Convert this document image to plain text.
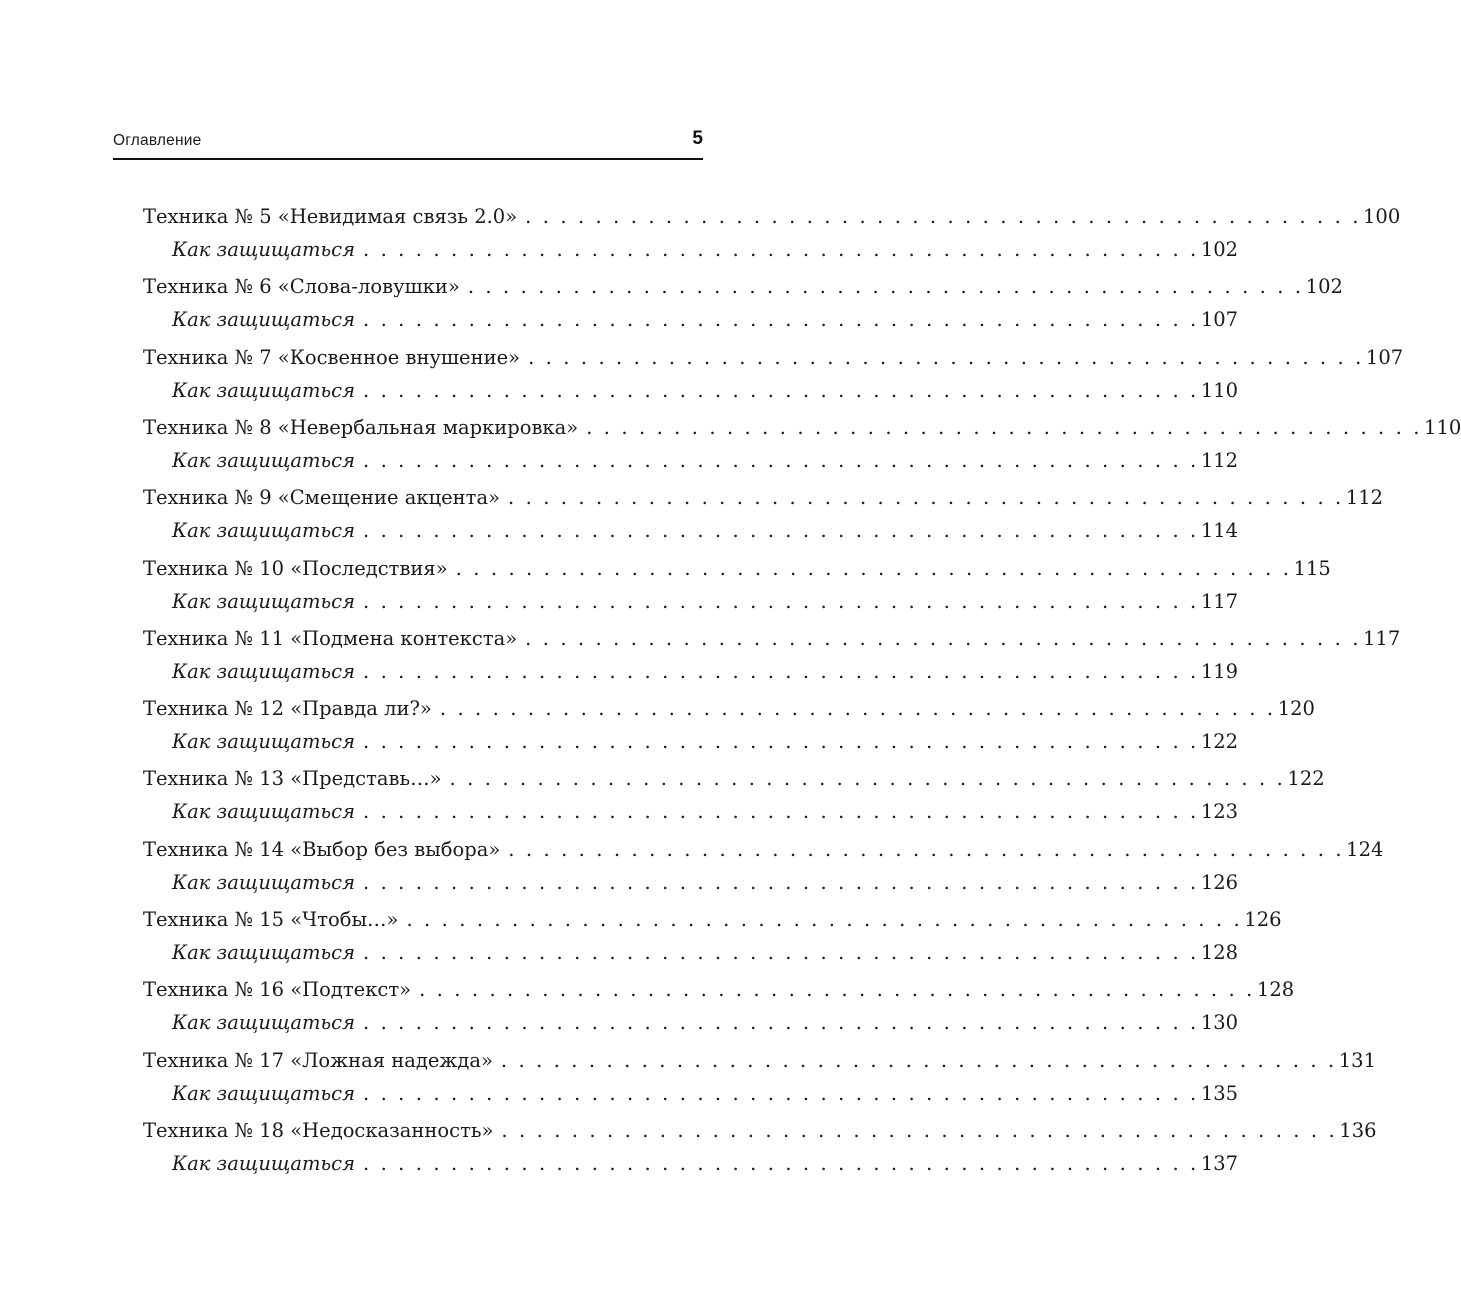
Оглавление	5
Техника № 5 «Невидимая связь 2.0» . . . . . . . . . . . . . . . . . . . . . . . . . . . . . . . . . . . . . . . . . . . . . . . . 100
Как защищаться . . . . . . . . . . . . . . . . . . . . . . . . . . . . . . . . . . . . . . . . . . . . . . . . 102
Техника № 6 «Слова-ловушки» . . . . . . . . . . . . . . . . . . . . . . . . . . . . . . . . . . . . . . . . . . . . . . . . 102
Как защищаться . . . . . . . . . . . . . . . . . . . . . . . . . . . . . . . . . . . . . . . . . . . . . . . . 107
Техника № 7 «Косвенное внушение» . . . . . . . . . . . . . . . . . . . . . . . . . . . . . . . . . . . . . . . . . . . . . . . . 107
Как защищаться . . . . . . . . . . . . . . . . . . . . . . . . . . . . . . . . . . . . . . . . . . . . . . . . 110
Техника № 8 «Невербальная маркировка» . . . . . . . . . . . . . . . . . . . . . . . . . . . . . . . . . . . . . . . . . . . . . . . . 110
Как защищаться . . . . . . . . . . . . . . . . . . . . . . . . . . . . . . . . . . . . . . . . . . . . . . . . 112
Техника № 9 «Смещение акцента» . . . . . . . . . . . . . . . . . . . . . . . . . . . . . . . . . . . . . . . . . . . . . . . . 112
Как защищаться . . . . . . . . . . . . . . . . . . . . . . . . . . . . . . . . . . . . . . . . . . . . . . . . 114
Техника № 10 «Последствия» . . . . . . . . . . . . . . . . . . . . . . . . . . . . . . . . . . . . . . . . . . . . . . . . 115
Как защищаться . . . . . . . . . . . . . . . . . . . . . . . . . . . . . . . . . . . . . . . . . . . . . . . . 117
Техника № 11 «Подмена контекста» . . . . . . . . . . . . . . . . . . . . . . . . . . . . . . . . . . . . . . . . . . . . . . . . 117
Как защищаться . . . . . . . . . . . . . . . . . . . . . . . . . . . . . . . . . . . . . . . . . . . . . . . . 119
Техника № 12 «Правда ли?» . . . . . . . . . . . . . . . . . . . . . . . . . . . . . . . . . . . . . . . . . . . . . . . . 120
Как защищаться . . . . . . . . . . . . . . . . . . . . . . . . . . . . . . . . . . . . . . . . . . . . . . . . 122
Техника № 13 «Представь…» . . . . . . . . . . . . . . . . . . . . . . . . . . . . . . . . . . . . . . . . . . . . . . . . 122
Как защищаться . . . . . . . . . . . . . . . . . . . . . . . . . . . . . . . . . . . . . . . . . . . . . . . . 123
Техника № 14 «Выбор без выбора» . . . . . . . . . . . . . . . . . . . . . . . . . . . . . . . . . . . . . . . . . . . . . . . . 124
Как защищаться . . . . . . . . . . . . . . . . . . . . . . . . . . . . . . . . . . . . . . . . . . . . . . . . 126
Техника № 15 «Чтобы…» . . . . . . . . . . . . . . . . . . . . . . . . . . . . . . . . . . . . . . . . . . . . . . . . 126
Как защищаться . . . . . . . . . . . . . . . . . . . . . . . . . . . . . . . . . . . . . . . . . . . . . . . . 128
Техника № 16 «Подтекст» . . . . . . . . . . . . . . . . . . . . . . . . . . . . . . . . . . . . . . . . . . . . . . . . 128
Как защищаться . . . . . . . . . . . . . . . . . . . . . . . . . . . . . . . . . . . . . . . . . . . . . . . . 130
Техника № 17 «Ложная надежда» . . . . . . . . . . . . . . . . . . . . . . . . . . . . . . . . . . . . . . . . . . . . . . . . 131
Как защищаться . . . . . . . . . . . . . . . . . . . . . . . . . . . . . . . . . . . . . . . . . . . . . . . . 135
Техника № 18 «Недосказанность» . . . . . . . . . . . . . . . . . . . . . . . . . . . . . . . . . . . . . . . . . . . . . . . . 136
Как защищаться . . . . . . . . . . . . . . . . . . . . . . . . . . . . . . . . . . . . . . . . . . . . . . . . 137
